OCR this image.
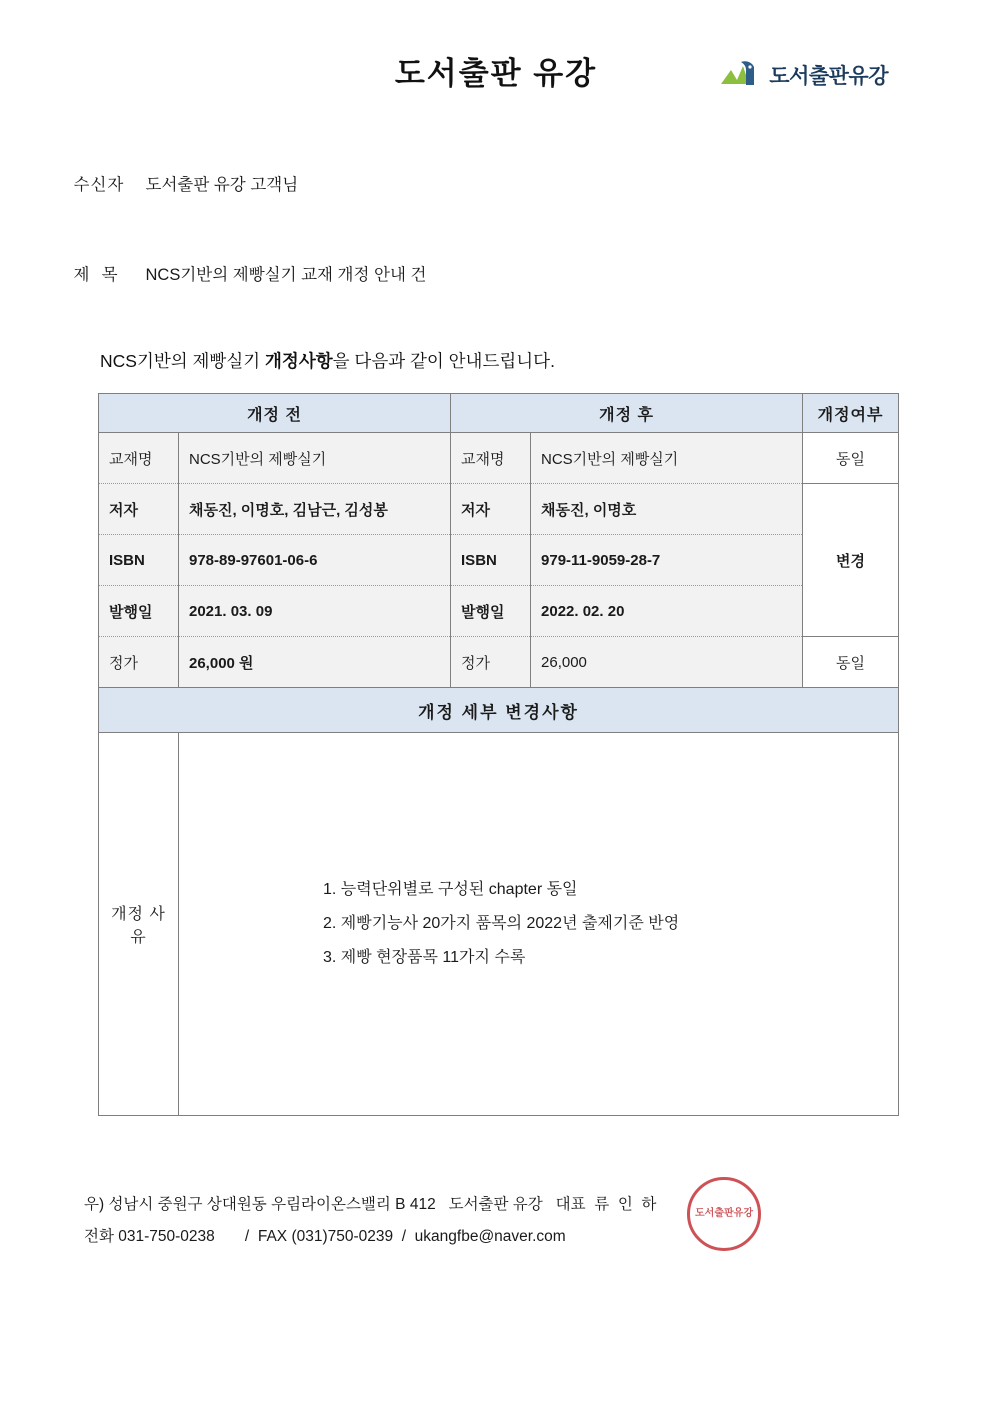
도서출판 유강	도서출판유강

수신자 도서출판 유강 고객님

제  목 NCS기반의 제빵실기 교재 개정 안내 건

NCS기반의 제빵실기 개정사항을 다음과 같이 안내드립니다.
개정 전		개정 후		개정여부
교재명	NCS기반의 제빵실기	교재명	NCS기반의 제빵실기	동일
저자	채동진, 이명호, 김남근, 김성봉	저자	채동진, 이명호	변경
ISBN	978-89-97601-06-6	ISBN	979-11-9059-28-7	
발행일	2021. 03. 09	발행일	2022. 02. 20	
정가	26,000 원	정가	26,000	동일
개정 세부 변경사항				
개정 사유	1. 능력단위별로 구성된 chapter 동일
2. 제빵기능사 20가지 품목의 2022년 출제기준 반영
3. 제빵 현장품목 11가지 수록			
우) 성남시 중원구 상대원동 우림라이온스밸리 B 412   도서출판 유강   대표  류  인  하
전화 031-750-0238       /  FAX (031)750-0239  /  ukangfbe@naver.com
도서출판유강
